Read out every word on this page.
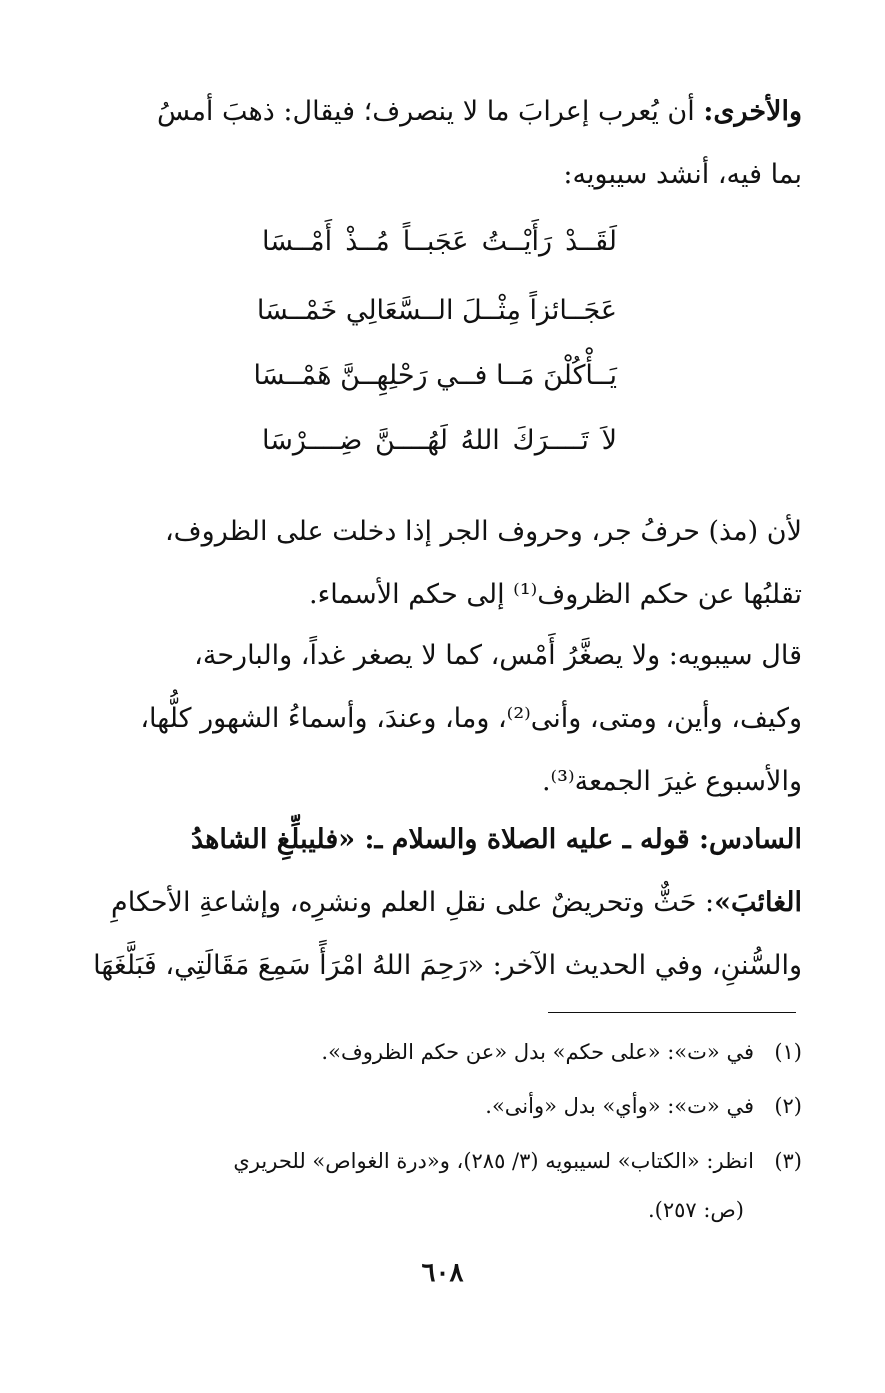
والأخرى: أن يُعرب إعرابَ ما لا ينصرف؛ فيقال: ذهبَ أمسُ
بما فيه، أنشد سيبويه:

لَقَــدْ رَأَيْــتُ عَجَبــاً مُــذْ أَمْــسَا
عَجَــائزاً مِثْــلَ الــسَّعَالِي خَمْــسَا
يَــأْكُلْنَ مَــا فــي رَحْلِهِــنَّ هَمْــسَا
لاَ تَــــرَكَ اللهُ لَهُــــنَّ ضِــــرْسَا

لأن (مذ) حرفُ جر، وحروف الجر إذا دخلت على الظروف،
تقلبُها عن حكم الظروف⁽¹⁾ إلى حكم الأسماء.

قال سيبويه: ولا يصغَّرُ أَمْس، كما لا يصغر غداً، والبارحة،
وكيف، وأين، ومتى، وأنى⁽²⁾، وما، وعندَ، وأسماءُ الشهور كلُّها،
والأسبوع غيرَ الجمعة⁽³⁾.

السادس: قوله ـ عليه الصلاة والسلام ـ: «فليبلِّغِ الشاهدُ
الغائبَ»: حَثٌّ وتحريضٌ على نقلِ العلم ونشرِه، وإشاعةِ الأحكامِ
والسُّننِ، وفي الحديث الآخر: «رَحِمَ اللهُ امْرَأً سَمِعَ مَقَالَتِي، فَبَلَّغَهَا

(١)في «ت»: «على حكم» بدل «عن حكم الظروف».
(٢)في «ت»: «وأي» بدل «وأنى».
(٣)انظر: «الكتاب» لسيبويه (٣/ ٢٨٥)، و«درة الغواص» للحريري
(ص: ٢٥٧).
٦٠٨
